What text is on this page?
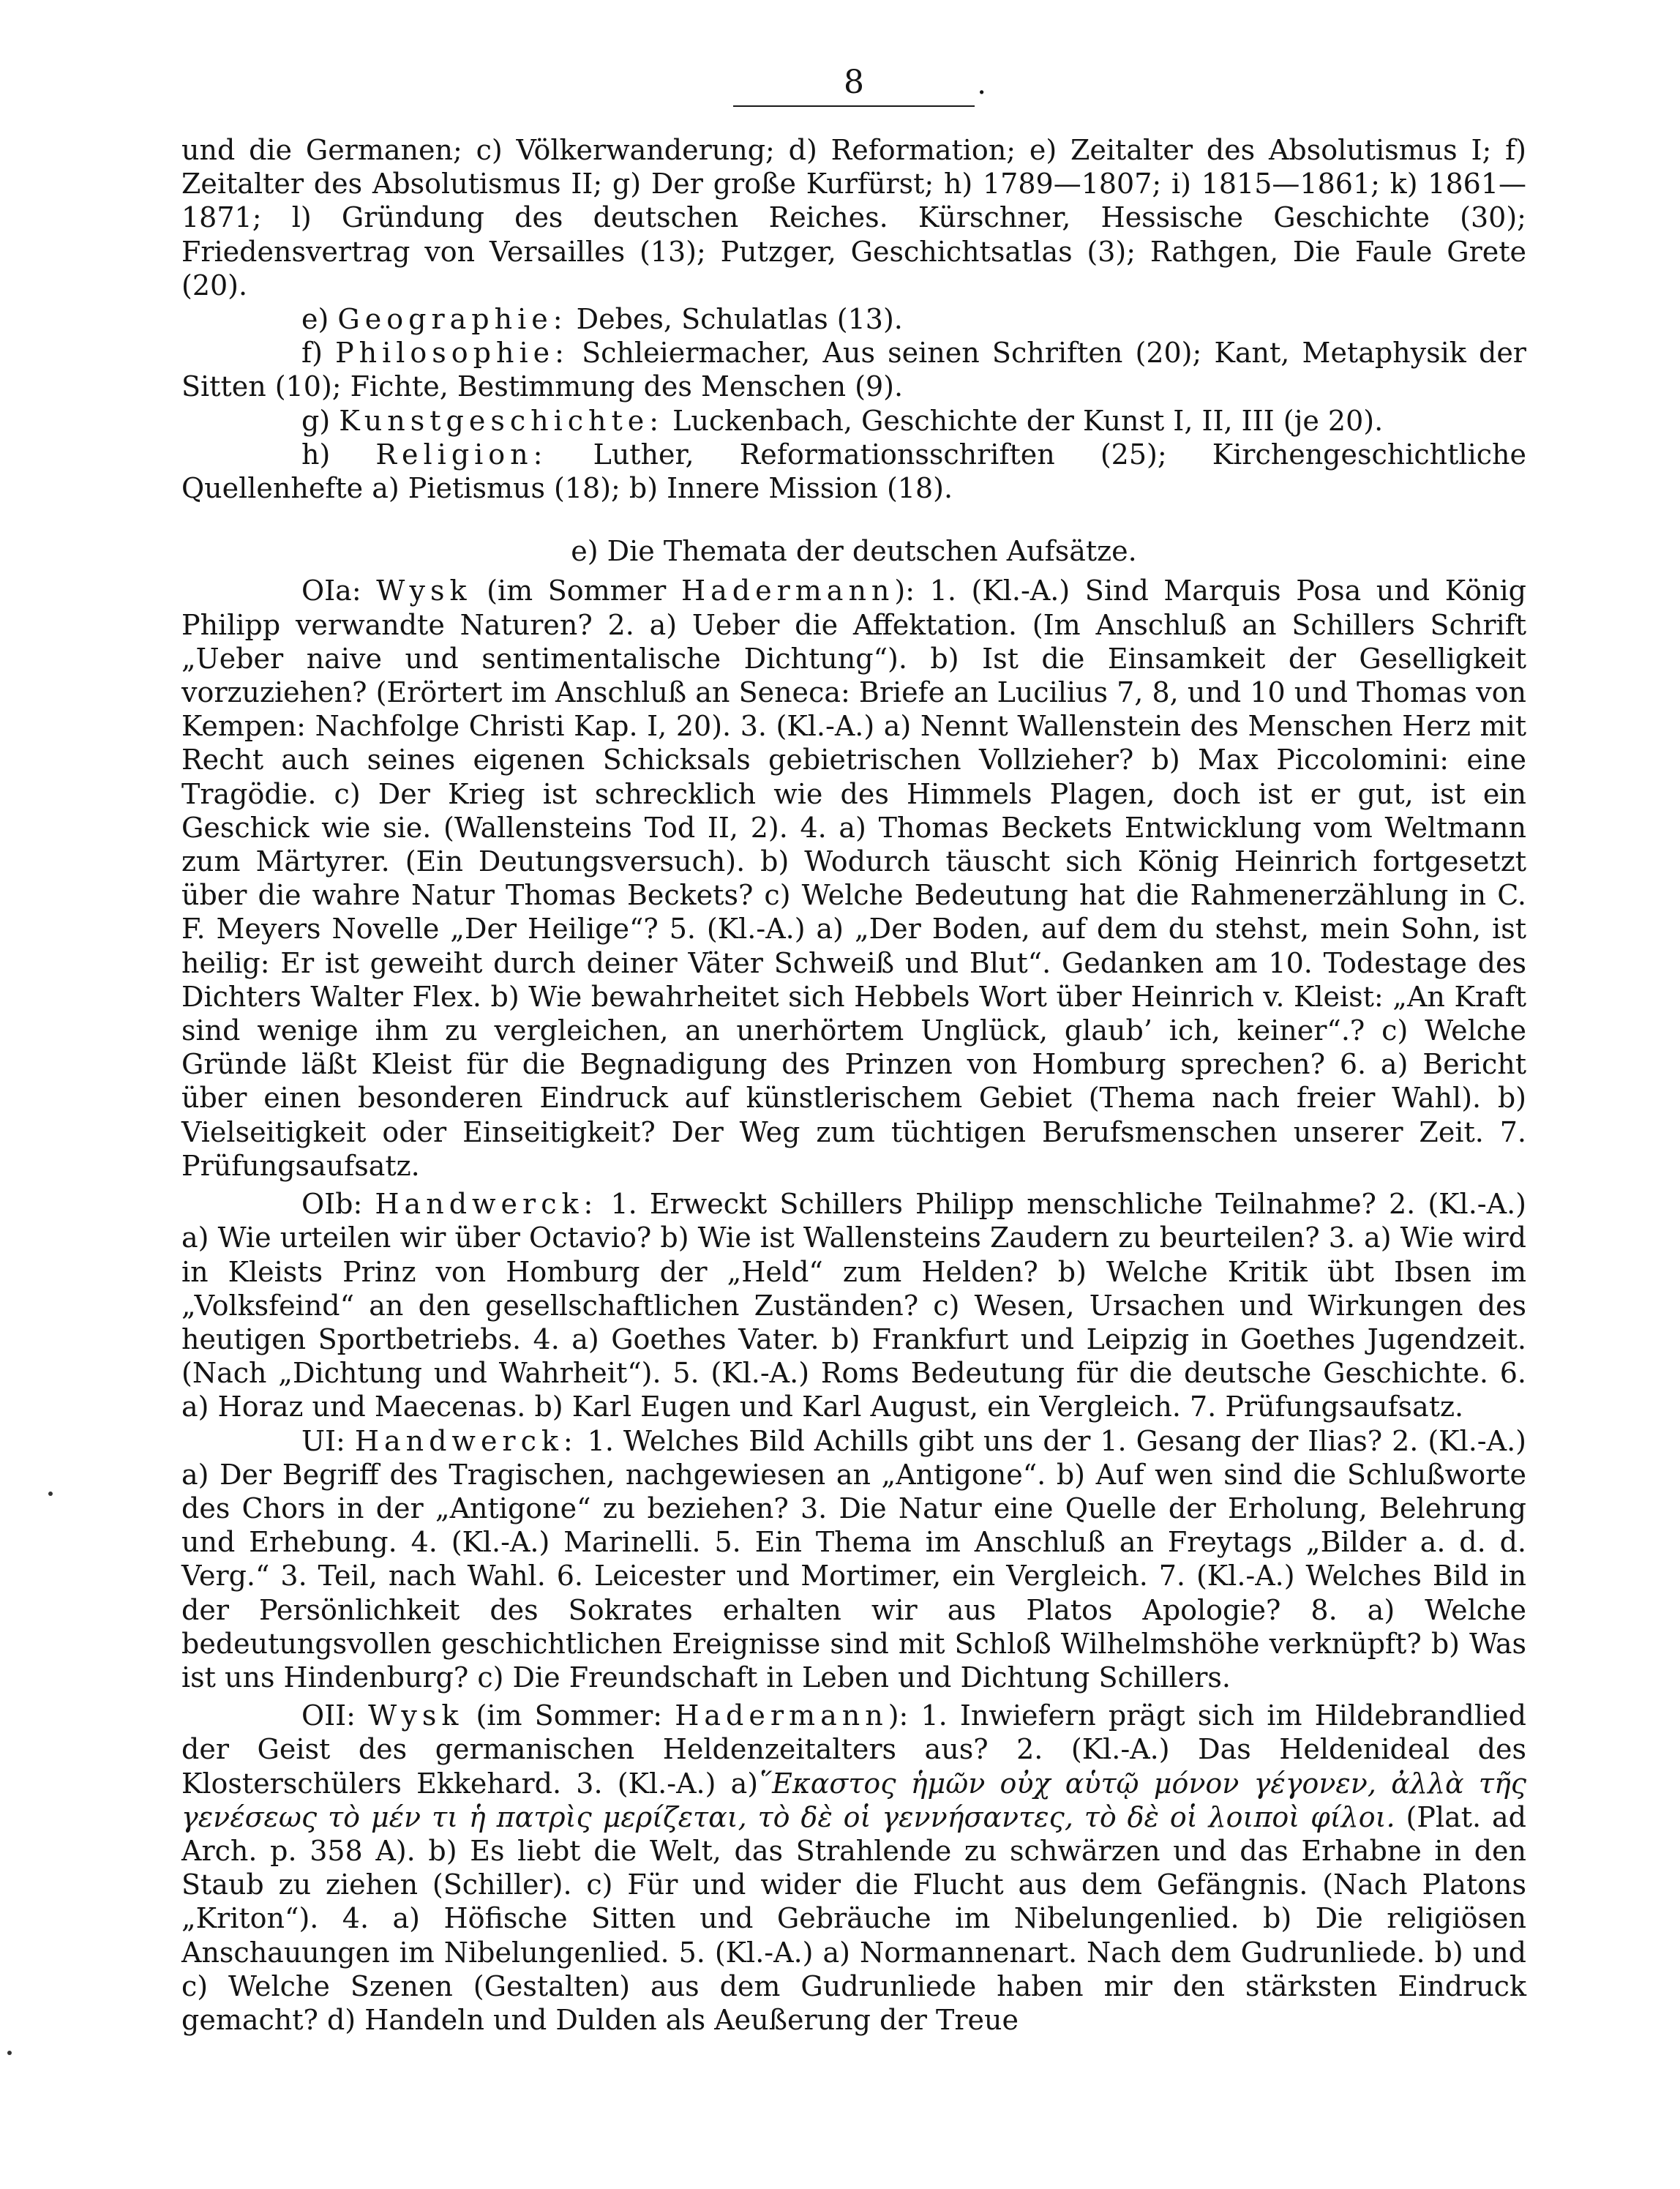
8	.

und die Germanen; c) Völkerwanderung; d) Reformation; e) Zeitalter des Absolutismus I; f) Zeitalter des Absolutismus II; g) Der große Kurfürst; h) 1789—1807; i) 1815—1861; k) 1861—1871; l) Gründung des deutschen Reiches. Kürschner, Hessische Geschichte (30); Friedensvertrag von Versailles (13); Putzger, Geschichtsatlas (3); Rathgen, Die Faule Grete (20).

e) Geographie: Debes, Schulatlas (13).

f) Philosophie: Schleiermacher, Aus seinen Schriften (20); Kant, Metaphysik der Sitten (10); Fichte, Bestimmung des Menschen (9).

g) Kunstgeschichte: Luckenbach, Geschichte der Kunst I, II, III (je 20).

h) Religion: Luther, Reformationsschriften (25); Kirchengeschichtliche Quellenhefte a) Pietismus (18); b) Innere Mission (18).

e) Die Themata der deutschen Aufsätze.

OIa: Wysk (im Sommer Hadermann): 1. (Kl.-A.) Sind Marquis Posa und König Philipp verwandte Naturen? 2. a) Ueber die Affektation. (Im Anschluß an Schillers Schrift „Ueber naive und sentimentalische Dichtung“). b) Ist die Einsamkeit der Geselligkeit vorzuziehen? (Erörtert im Anschluß an Seneca: Briefe an Lucilius 7, 8, und 10 und Thomas von Kempen: Nachfolge Christi Kap. I, 20). 3. (Kl.-A.) a) Nennt Wallenstein des Menschen Herz mit Recht auch seines eigenen Schicksals gebietrischen Vollzieher? b) Max Piccolomini: eine Tragödie. c) Der Krieg ist schrecklich wie des Himmels Plagen, doch ist er gut, ist ein Geschick wie sie. (Wallensteins Tod II, 2). 4. a) Thomas Beckets Entwicklung vom Weltmann zum Märtyrer. (Ein Deutungsversuch). b) Wodurch täuscht sich König Heinrich fortgesetzt über die wahre Natur Thomas Beckets? c) Welche Bedeutung hat die Rahmenerzählung in C. F. Meyers Novelle „Der Heilige“? 5. (Kl.-A.) a) „Der Boden, auf dem du stehst, mein Sohn, ist heilig: Er ist geweiht durch deiner Väter Schweiß und Blut“. Gedanken am 10. Todestage des Dichters Walter Flex. b) Wie bewahrheitet sich Hebbels Wort über Heinrich v. Kleist: „An Kraft sind wenige ihm zu vergleichen, an unerhörtem Unglück, glaub’ ich, keiner“.? c) Welche Gründe läßt Kleist für die Begnadigung des Prinzen von Homburg sprechen? 6. a) Bericht über einen besonderen Eindruck auf künstlerischem Gebiet (Thema nach freier Wahl). b) Vielseitigkeit oder Einseitigkeit? Der Weg zum tüchtigen Berufsmenschen unserer Zeit. 7. Prüfungsaufsatz.

OIb: Handwerck: 1. Erweckt Schillers Philipp menschliche Teilnahme? 2. (Kl.-A.) a) Wie urteilen wir über Octavio? b) Wie ist Wallensteins Zaudern zu beurteilen? 3. a) Wie wird in Kleists Prinz von Homburg der „Held“ zum Helden? b) Welche Kritik übt Ibsen im „Volksfeind“ an den gesellschaftlichen Zuständen? c) Wesen, Ursachen und Wirkungen des heutigen Sportbetriebs. 4. a) Goethes Vater. b) Frankfurt und Leipzig in Goethes Jugendzeit. (Nach „Dichtung und Wahrheit“). 5. (Kl.-A.) Roms Bedeutung für die deutsche Geschichte. 6. a) Horaz und Maecenas. b) Karl Eugen und Karl August, ein Vergleich. 7. Prüfungsaufsatz.

UI: Handwerck: 1. Welches Bild Achills gibt uns der 1. Gesang der Ilias? 2. (Kl.-A.) a) Der Begriff des Tragischen, nachgewiesen an „Antigone“. b) Auf wen sind die Schlußworte des Chors in der „Antigone“ zu beziehen? 3. Die Natur eine Quelle der Erholung, Belehrung und Erhebung. 4. (Kl.-A.) Marinelli. 5. Ein Thema im Anschluß an Freytags „Bilder a. d. d. Verg.“ 3. Teil, nach Wahl. 6. Leicester und Mortimer, ein Vergleich. 7. (Kl.-A.) Welches Bild in der Persönlichkeit des Sokrates erhalten wir aus Platos Apologie? 8. a) Welche bedeutungsvollen geschichtlichen Ereignisse sind mit Schloß Wilhelmshöhe verknüpft? b) Was ist uns Hindenburg? c) Die Freundschaft in Leben und Dichtung Schillers.

OII: Wysk (im Sommer: Hadermann): 1. Inwiefern prägt sich im Hildebrandlied der Geist des germanischen Heldenzeitalters aus? 2. (Kl.-A.) Das Heldenideal des Klosterschülers Ekkehard. 3. (Kl.-A.) a)῞Εκαστος ἡμῶν οὐχ αὑτῷ μόνον γέγονεν, ἀλλὰ τῆς γενέσεως τὸ μέν τι ἡ πατρὶς μερίζεται, τὸ δὲ οἱ γεννήσαντες, τὸ δὲ οἱ λοιποὶ φίλοι. (Plat. ad Arch. p. 358 A). b) Es liebt die Welt, das Strahlende zu schwärzen und das Erhabne in den Staub zu ziehen (Schiller). c) Für und wider die Flucht aus dem Gefängnis. (Nach Platons „Kriton“). 4. a) Höfische Sitten und Gebräuche im Nibelungenlied. b) Die religiösen Anschauungen im Nibelungenlied. 5. (Kl.-A.) a) Normannenart. Nach dem Gudrunliede. b) und c) Welche Szenen (Gestalten) aus dem Gudrunliede haben mir den stärksten Eindruck gemacht? d) Handeln und Dulden als Aeußerung der Treue
